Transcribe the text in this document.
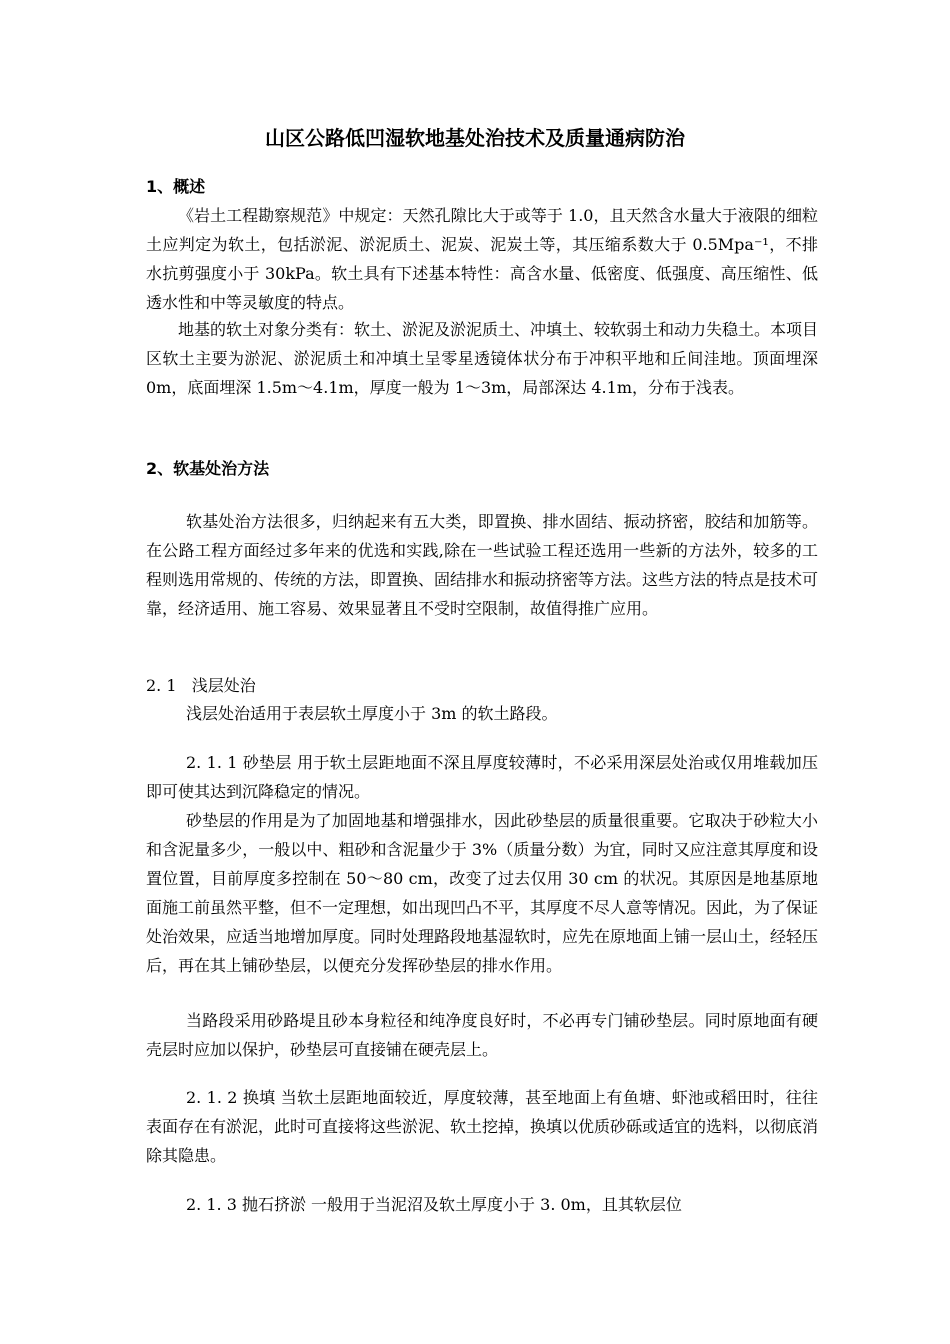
山区公路低凹湿软地基处治技术及质量通病防治
1、概述

《岩土工程勘察规范》中规定：天然孔隙比大于或等于 1.0，且天然含水量大于液限的细粒土应判定为软土，包括淤泥、淤泥质土、泥炭、泥炭土等，其压缩系数大于 0.5Mpa⁻¹，不排水抗剪强度小于 30kPa。软土具有下述基本特性：高含水量、低密度、低强度、高压缩性、低透水性和中等灵敏度的特点。

地基的软土对象分类有：软土、淤泥及淤泥质土、冲填土、较软弱土和动力失稳土。本项目区软土主要为淤泥、淤泥质土和冲填土呈零星透镜体状分布于冲积平地和丘间洼地。顶面埋深 0m，底面埋深 1.5m～4.1m，厚度一般为 1～3m，局部深达 4.1m，分布于浅表。

2、软基处治方法

软基处治方法很多，归纳起来有五大类，即置换、排水固结、振动挤密，胶结和加筋等。在公路工程方面经过多年来的优选和实践,除在一些试验工程还选用一些新的方法外，较多的工程则选用常规的、传统的方法，即置换、固结排水和振动挤密等方法。这些方法的特点是技术可靠，经济适用、施工容易、效果显著且不受时空限制，故值得推广应用。

2. 1   浅层处治

浅层处治适用于表层软土厚度小于 3m 的软土路段。

2. 1. 1 砂垫层 用于软土层距地面不深且厚度较薄时，不必采用深层处治或仅用堆载加压即可使其达到沉降稳定的情况。

砂垫层的作用是为了加固地基和增强排水，因此砂垫层的质量很重要。它取决于砂粒大小和含泥量多少，一般以中、粗砂和含泥量少于 3%（质量分数）为宜，同时又应注意其厚度和设置位置，目前厚度多控制在 50～80 cm，改变了过去仅用 30 cm 的状况。其原因是地基原地面施工前虽然平整，但不一定理想，如出现凹凸不平，其厚度不尽人意等情况。因此，为了保证处治效果，应适当地增加厚度。同时处理路段地基湿软时，应先在原地面上铺一层山土，经轻压后，再在其上铺砂垫层，以便充分发挥砂垫层的排水作用。

当路段采用砂路堤且砂本身粒径和纯净度良好时，不必再专门铺砂垫层。同时原地面有硬壳层时应加以保护，砂垫层可直接铺在硬壳层上。

2. 1. 2 换填 当软土层距地面较近，厚度较薄，甚至地面上有鱼塘、虾池或稻田时，往往表面存在有淤泥，此时可直接将这些淤泥、软土挖掉，换填以优质砂砾或适宜的选料，以彻底消除其隐患。

2. 1. 3 抛石挤淤 一般用于当泥沼及软土厚度小于 3. 0m，且其软层位
